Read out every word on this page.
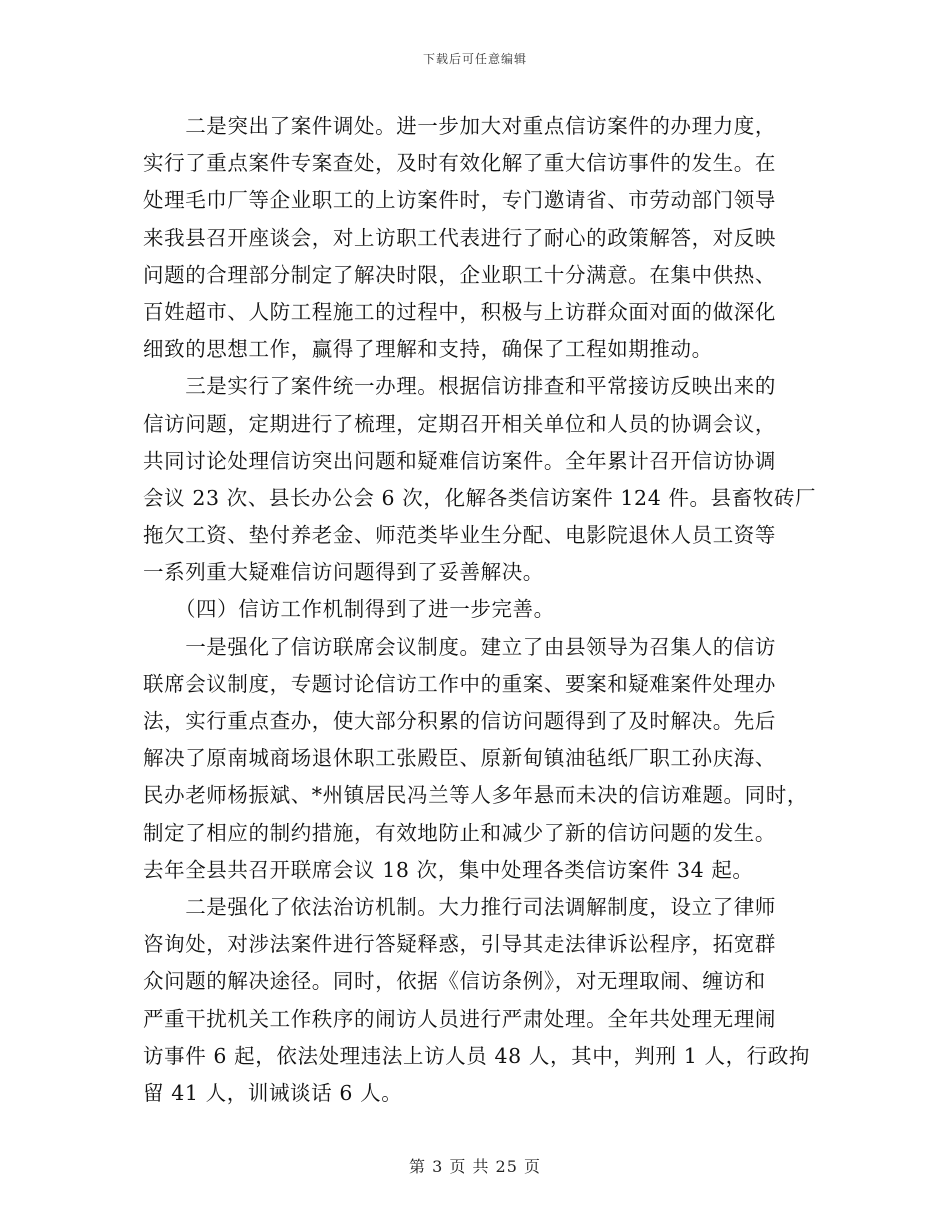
下载后可任意编辑
　　二是突出了案件调处。进一步加大对重点信访案件的办理力度，
实行了重点案件专案查处，及时有效化解了重大信访事件的发生。在
处理毛巾厂等企业职工的上访案件时，专门邀请省、市劳动部门领导
来我县召开座谈会，对上访职工代表进行了耐心的政策解答，对反映
问题的合理部分制定了解决时限，企业职工十分满意。在集中供热、
百姓超市、人防工程施工的过程中，积极与上访群众面对面的做深化
细致的思想工作，赢得了理解和支持，确保了工程如期推动。
　　三是实行了案件统一办理。根据信访排查和平常接访反映出来的
信访问题，定期进行了梳理，定期召开相关单位和人员的协调会议，
共同讨论处理信访突出问题和疑难信访案件。全年累计召开信访协调
会议 23 次、县长办公会 6 次，化解各类信访案件 124 件。县畜牧砖厂
拖欠工资、垫付养老金、师范类毕业生分配、电影院退休人员工资等
一系列重大疑难信访问题得到了妥善解决。
　　（四）信访工作机制得到了进一步完善。
　　一是强化了信访联席会议制度。建立了由县领导为召集人的信访
联席会议制度，专题讨论信访工作中的重案、要案和疑难案件处理办
法，实行重点查办，使大部分积累的信访问题得到了及时解决。先后
解决了原南城商场退休职工张殿臣、原新甸镇油毡纸厂职工孙庆海、
民办老师杨振斌、*州镇居民冯兰等人多年悬而未决的信访难题。同时，
制定了相应的制约措施，有效地防止和减少了新的信访问题的发生。
去年全县共召开联席会议 18 次，集中处理各类信访案件 34 起。
　　二是强化了依法治访机制。大力推行司法调解制度，设立了律师
咨询处，对涉法案件进行答疑释惑，引导其走法律诉讼程序，拓宽群
众问题的解决途径。同时，依据《信访条例》，对无理取闹、缠访和
严重干扰机关工作秩序的闹访人员进行严肃处理。全年共处理无理闹
访事件 6 起，依法处理违法上访人员 48 人，其中，判刑 1 人，行政拘
留 41 人，训诫谈话 6 人。
第 3 页 共 25 页
